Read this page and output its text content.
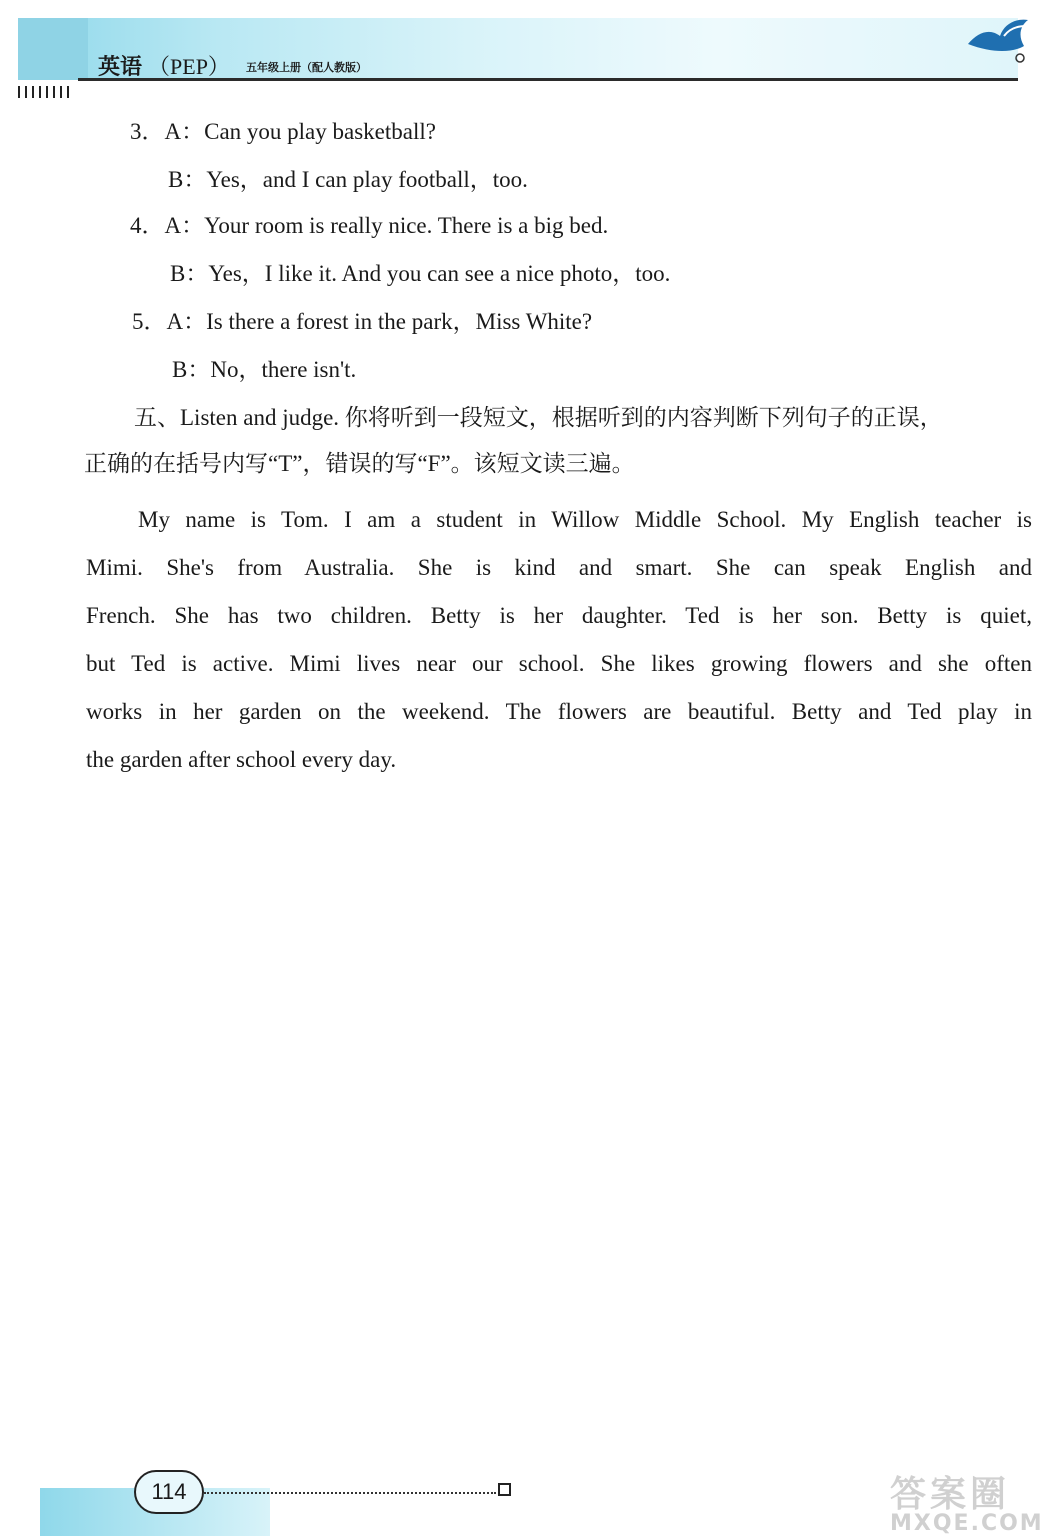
英语 （PEP） 五年级上册（配人教版）
3．A：Can you play basketball?
B：Yes，and I can play football，too.
4．A：Your room is really nice. There is a big bed.
B：Yes，I like it. And you can see a nice photo，too.
5．A：Is there a forest in the park，Miss White?
B：No，there isn't.
五、Listen and judge. 你将听到一段短文，根据听到的内容判断下列句子的正误，
正确的在括号内写“T”，错误的写“F”。该短文读三遍。
My name is Tom. I am a student in Willow Middle School. My English teacher is
Mimi. She's from Australia. She is kind and smart. She can speak English and
French. She has two children. Betty is her daughter. Ted is her son. Betty is quiet,
but Ted is active. Mimi lives near our school. She likes growing flowers and she often
works in her garden on the weekend. The flowers are beautiful. Betty and Ted play in
the garden after school every day.
114	答案圈
MXQE.COM
